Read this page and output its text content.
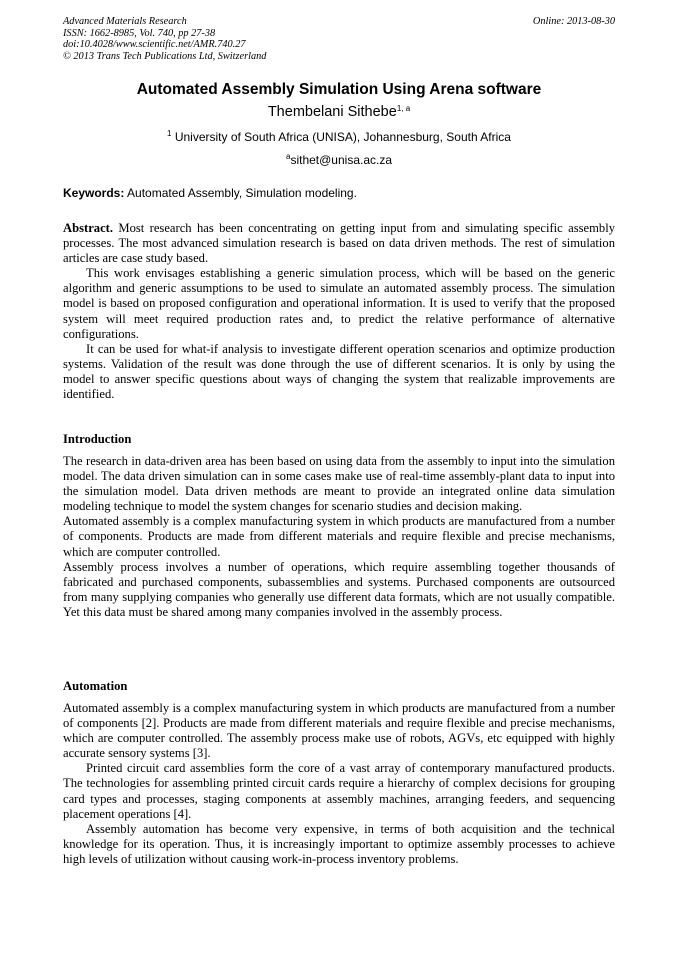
Advanced Materials Research
ISSN: 1662-8985, Vol. 740, pp 27-38
doi:10.4028/www.scientific.net/AMR.740.27
© 2013 Trans Tech Publications Ltd, Switzerland
Online: 2013-08-30
Automated Assembly Simulation Using Arena software
Thembelani Sithebe$^{1, a}$
$^1$ University of South Africa (UNISA), Johannesburg, South Africa
$^a$sithet@unisa.ac.za
Keywords: Automated Assembly, Simulation modeling.

Abstract. Most research has been concentrating on getting input from and simulating specific assembly processes. The most advanced simulation research is based on data driven methods. The rest of simulation articles are case study based.

This work envisages establishing a generic simulation process, which will be based on the generic algorithm and generic assumptions to be used to simulate an automated assembly process. The simulation model is based on proposed configuration and operational information. It is used to verify that the proposed system will meet required production rates and, to predict the relative performance of alternative configurations.

It can be used for what-if analysis to investigate different operation scenarios and optimize production systems. Validation of the result was done through the use of different scenarios. It is only by using the model to answer specific questions about ways of changing the system that realizable improvements are identified.

Introduction

The research in data-driven area has been based on using data from the assembly to input into the simulation model. The data driven simulation can in some cases make use of real-time assembly-plant data to input into the simulation model. Data driven methods are meant to provide an integrated online data simulation modeling technique to model the system changes for scenario studies and decision making.

Automated assembly is a complex manufacturing system in which products are manufactured from a number of components. Products are made from different materials and require flexible and precise mechanisms, which are computer controlled.

Assembly process involves a number of operations, which require assembling together thousands of fabricated and purchased components, subassemblies and systems. Purchased components are outsourced from many supplying companies who generally use different data formats, which are not usually compatible. Yet this data must be shared among many companies involved in the assembly process.

Automation

Automated assembly is a complex manufacturing system in which products are manufactured from a number of components [2]. Products are made from different materials and require flexible and precise mechanisms, which are computer controlled. The assembly process make use of robots, AGVs, etc equipped with highly accurate sensory systems [3].

Printed circuit card assemblies form the core of a vast array of contemporary manufactured products. The technologies for assembling printed circuit cards require a hierarchy of complex decisions for grouping card types and processes, staging components at assembly machines, arranging feeders, and sequencing placement operations [4].

Assembly automation has become very expensive, in terms of both acquisition and the technical knowledge for its operation. Thus, it is increasingly important to optimize assembly processes to achieve high levels of utilization without causing work-in-process inventory problems.
